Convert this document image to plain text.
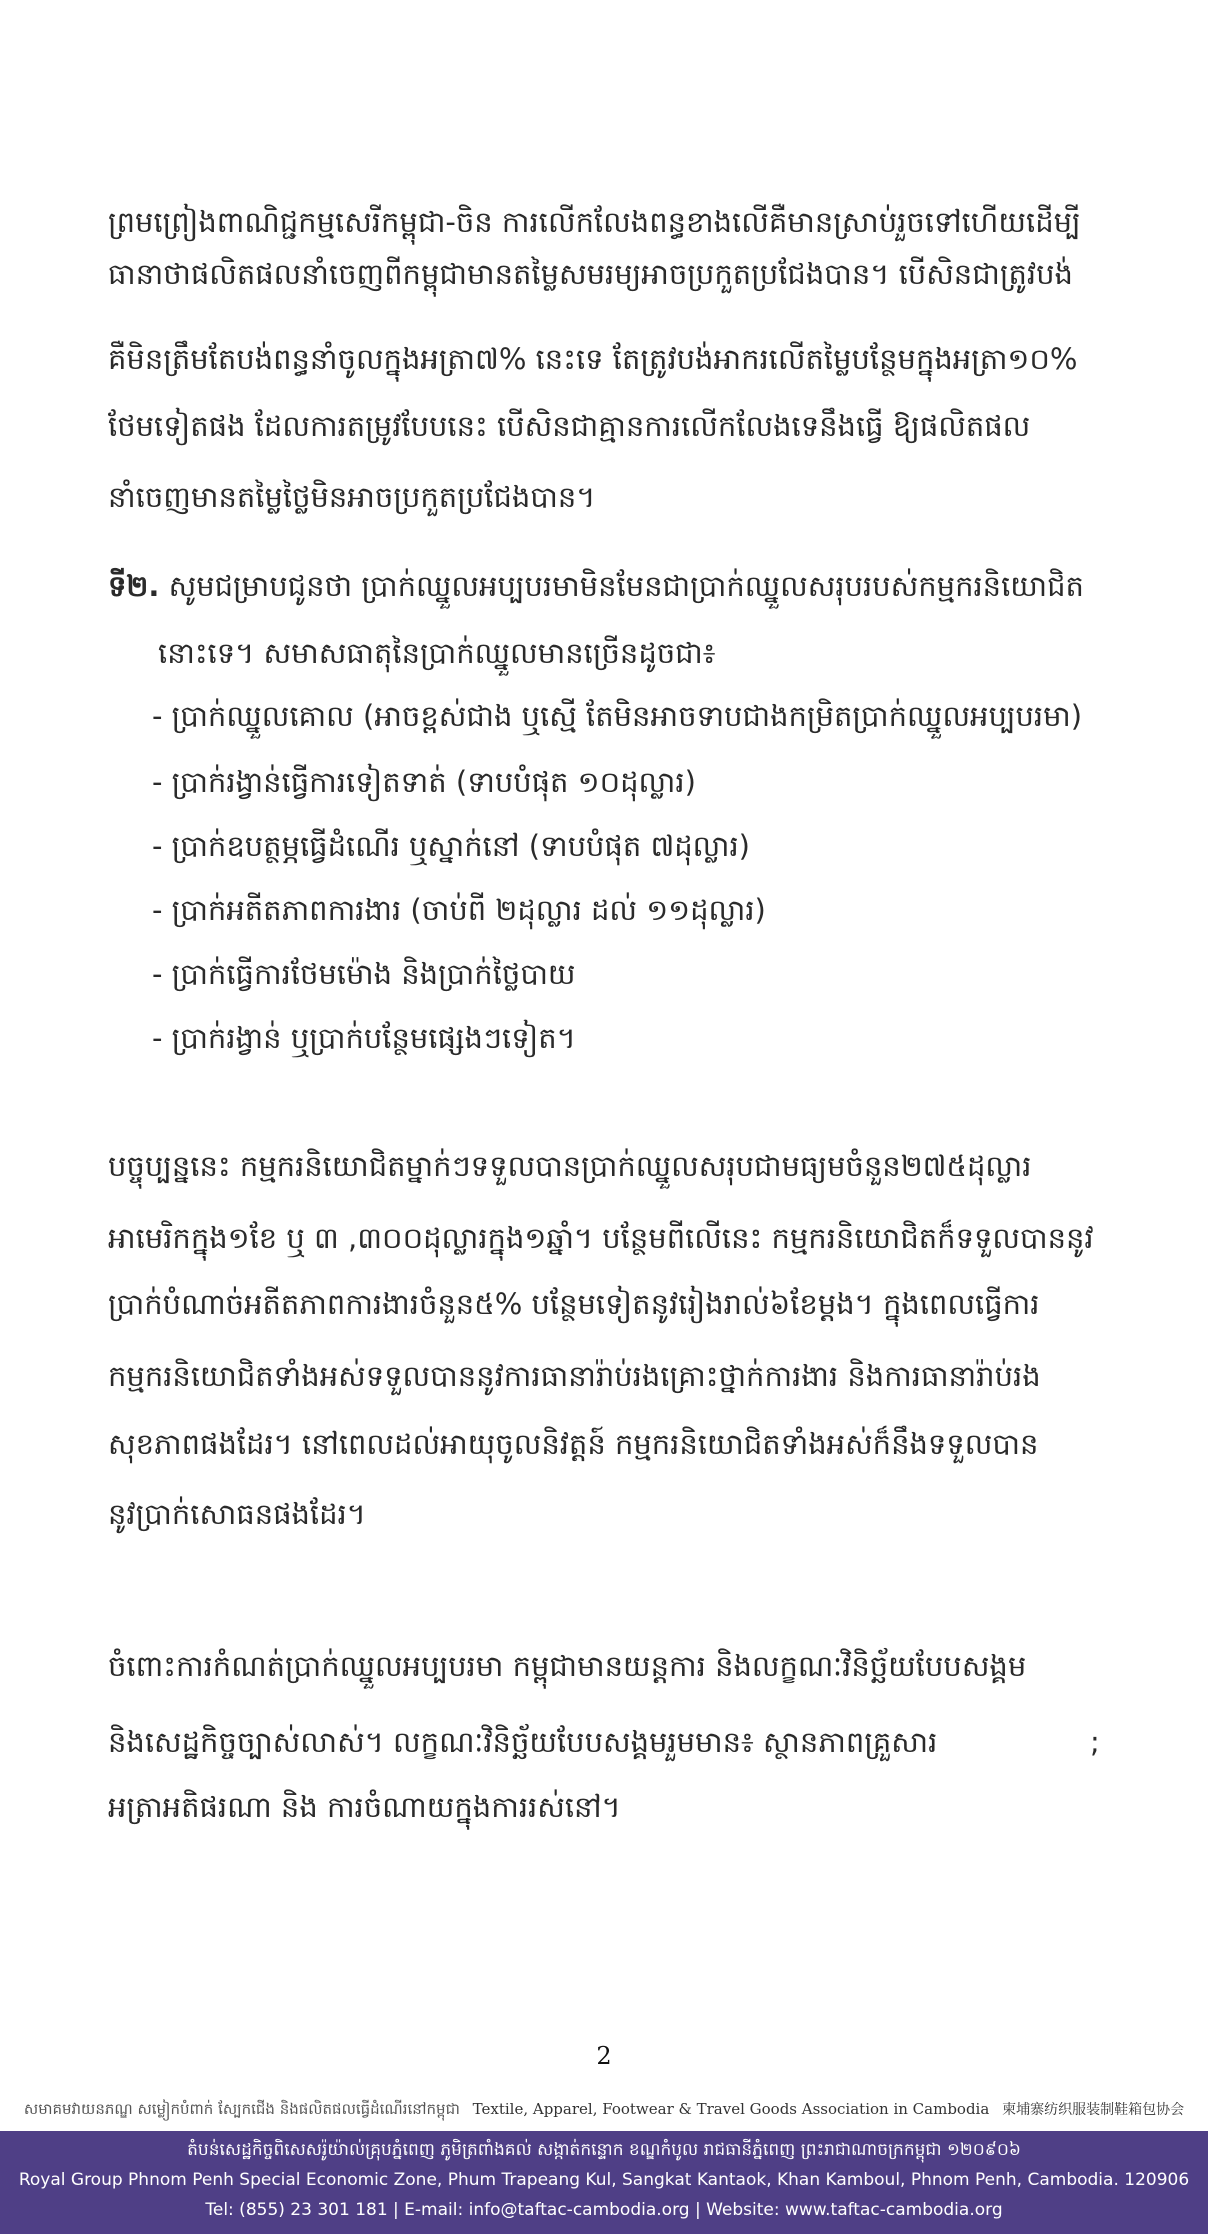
ព្រមព្រៀងពាណិជ្ជកម្មសេរីកម្ពុជា-ចិន ការលើកលែងពន្ធខាងលើគឺមានស្រាប់រួចទៅហើយដើម្បី
ធានាថាផលិតផលនាំចេញពីកម្ពុជាមានតម្លៃសមរម្យអាចប្រកួតប្រជែងបាន។ បើសិនជាត្រូវបង់
គឺមិនត្រឹមតែបង់ពន្ធនាំចូលក្នុងអត្រា៧% នេះទេ តែត្រូវបង់អាករលើតម្លៃបន្ថែមក្នុងអត្រា១០%
ថែមទៀតផង ដែលការតម្រូវបែបនេះ បើសិនជាគ្មានការលើកលែងទេនឹងធ្វើ ឱ្យផលិតផល
នាំចេញមានតម្លៃថ្លៃមិនអាចប្រកួតប្រជែងបាន។
ទី២. សូមជម្រាបជូនថា ប្រាក់ឈ្នួលអប្បបរមាមិនមែនជាប្រាក់ឈ្នួលសរុបរបស់កម្មករនិយោជិត
នោះទេ។ សមាសធាតុនៃប្រាក់ឈ្នួលមានច្រើនដូចជា៖
- ប្រាក់ឈ្នួលគោល (អាចខ្ពស់ជាង ឬស្មើ តែមិនអាចទាបជាងកម្រិតប្រាក់ឈ្នួលអប្បបរមា)
- ប្រាក់រង្វាន់ធ្វើការទៀតទាត់ (ទាបបំផុត ១០ដុល្លារ)
- ប្រាក់ឧបត្ថម្ភធ្វើដំណើរ ឬស្នាក់នៅ (ទាបបំផុត ៧ដុល្លារ)
- ប្រាក់អតីតភាពការងារ (ចាប់ពី ២ដុល្លារ ដល់ ១១ដុល្លារ)
- ប្រាក់ធ្វើការថែមម៉ោង និងប្រាក់ថ្លៃបាយ
- ប្រាក់រង្វាន់ ឬប្រាក់បន្ថែមផ្សេងៗទៀត។
បច្ចុប្បន្ននេះ កម្មករនិយោជិតម្នាក់ៗទទួលបានប្រាក់ឈ្នួលសរុបជាមធ្យមចំនួន២៧៥ដុល្លារ
អាមេរិកក្នុង១ខែ ឬ ៣ ,៣០០ដុល្លារក្នុង១ឆ្នាំ។ បន្ថែមពីលើនេះ កម្មករនិយោជិតក៏ទទួលបាននូវ
ប្រាក់បំណាច់អតីតភាពការងារចំនួន៥% បន្ថែមទៀតនូវរៀងរាល់៦ខែម្ដង។ ក្នុងពេលធ្វើការ
កម្មករនិយោជិតទាំងអស់ទទួលបាននូវការធានារ៉ាប់រងគ្រោះថ្នាក់ការងារ និងការធានារ៉ាប់រង
សុខភាពផងដែរ។ នៅពេលដល់អាយុចូលនិវត្តន៍ កម្មករនិយោជិតទាំងអស់ក៏នឹងទទួលបាន
នូវប្រាក់សោធនផងដែរ។
ចំពោះការកំណត់ប្រាក់ឈ្នួលអប្បបរមា កម្ពុជាមានយន្តការ និងលក្ខណៈវិនិច្ឆ័យបែបសង្គម
និងសេដ្ឋកិច្ចច្បាស់លាស់។ លក្ខណៈវិនិច្ឆ័យបែបសង្គមរួមមាន៖ ស្ថានភាពគ្រួសារ	;
អត្រាអតិផរណា និង ការចំណាយក្នុងការរស់នៅ។
2
សមាគមវាយនភណ្ឌ សម្លៀកបំពាក់ ស្បែកជើង និងផលិតផលធ្វើដំណើរនៅកម្ពុជា Textile, Apparel, Footwear & Travel Goods Association in Cambodia 柬埔寨纺织服装制鞋箱包协会
តំបន់សេដ្ឋកិច្ចពិសេសរ៉ូយ៉ាល់គ្រុបភ្នំពេញ ភូមិត្រពាំងគល់ សង្កាត់កន្ទោក ខណ្ឌកំបូល រាជធានីភ្នំពេញ ព្រះរាជាណាចក្រកម្ពុជា ១២០៩០៦
Royal Group Phnom Penh Special Economic Zone, Phum Trapeang Kul, Sangkat Kantaok, Khan Kamboul, Phnom Penh, Cambodia. 120906
Tel: (855) 23 301 181 | E-mail: info@taftac-cambodia.org | Website: www.taftac-cambodia.org
